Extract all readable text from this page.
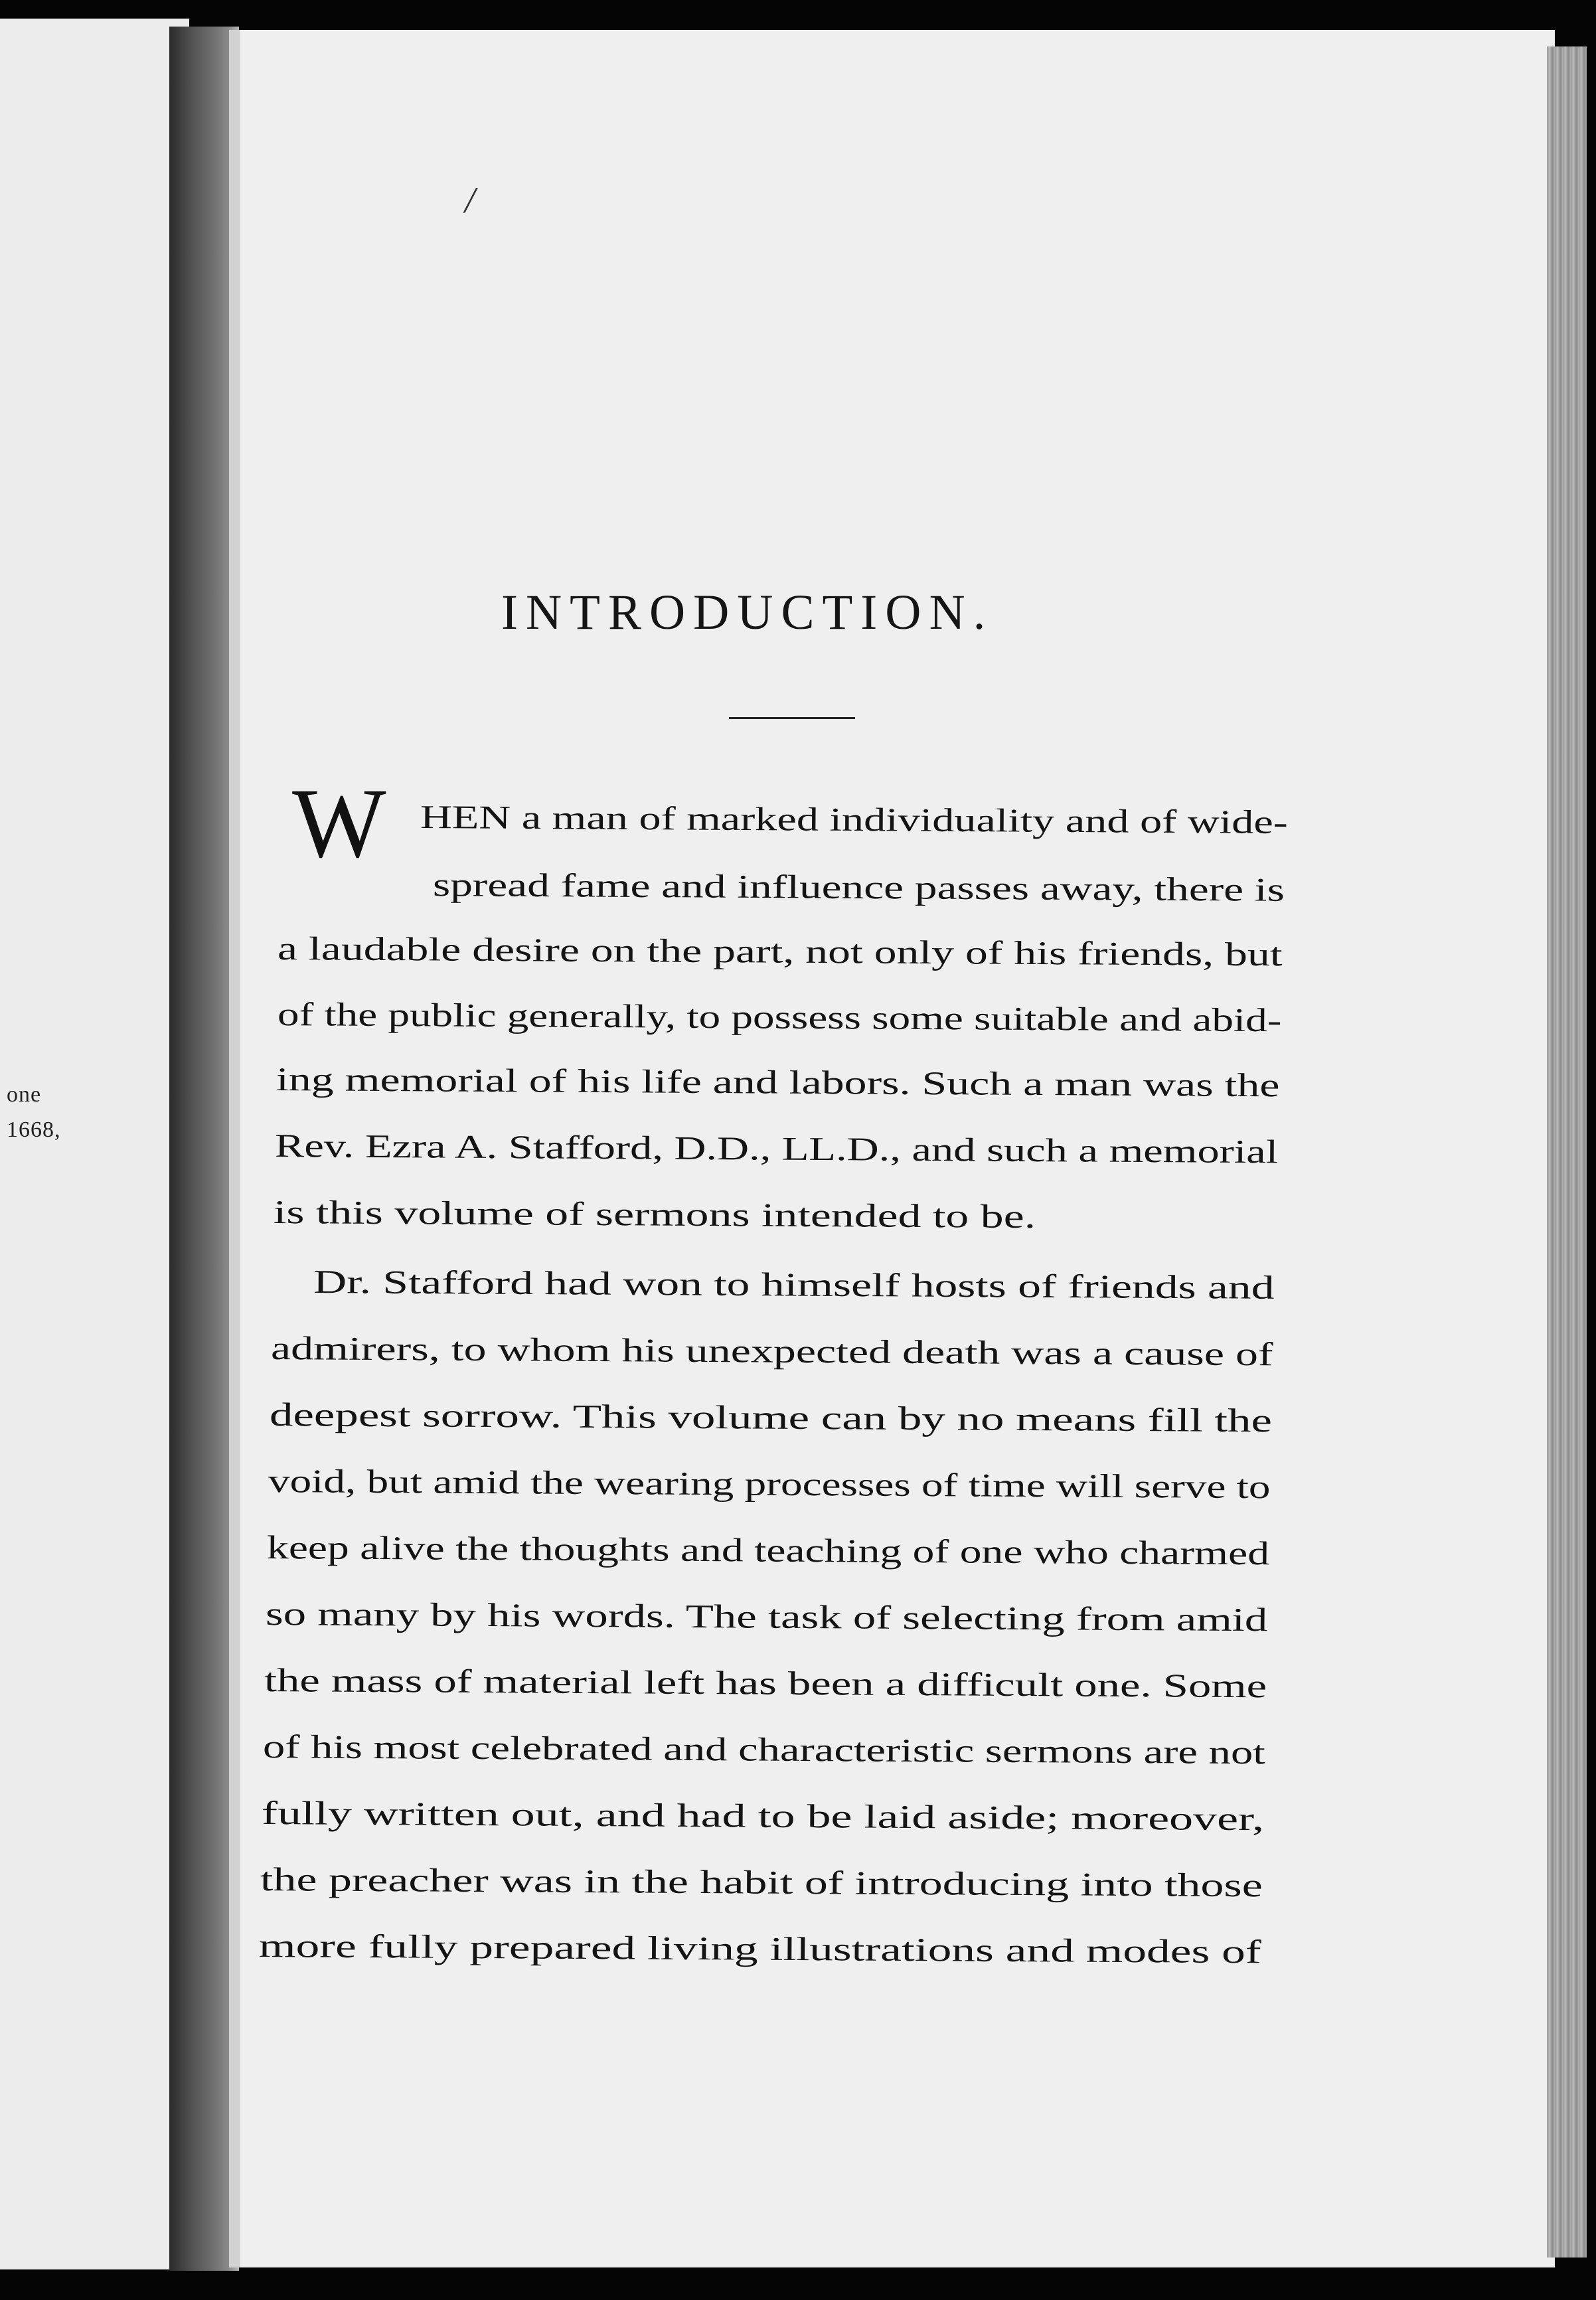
one
1668,
/
INTRODUCTION.
W HEN a man of marked individuality and of wide-
spread fame and influence passes away, there is
a laudable desire on the part, not only of his friends, but
of the public generally, to possess some suitable and abid-
ing memorial of his life and labors. Such a man was the
Rev. Ezra A. Stafford, D.D., LL.D., and such a memorial
is this volume of sermons intended to be.
Dr. Stafford had won to himself hosts of friends and
admirers, to whom his unexpected death was a cause of
deepest sorrow. This volume can by no means fill the
void, but amid the wearing processes of time will serve to
keep alive the thoughts and teaching of one who charmed
so many by his words. The task of selecting from amid
the mass of material left has been a difficult one. Some
of his most celebrated and characteristic sermons are not
fully written out, and had to be laid aside; moreover,
the preacher was in the habit of introducing into those
more fully prepared living illustrations and modes of
